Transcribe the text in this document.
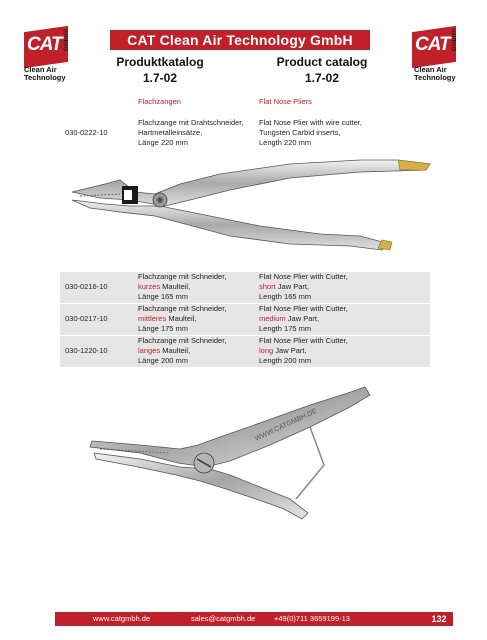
CAT GmbH®
Clean Air
Technology
CAT GmbH®
Clean Air
Technology
CAT Clean Air Technology GmbH
Produktkatalog	Product catalog
1.7-02	1.7-02
Flachzangen	Flat Nose Pliers
030-0222-10
Flachzange mit Drahtschneider,
Hartmetalleinsätze,
Länge 220 mm
Flat Nose Plier with wire cutter,
Tungsten Carbid inserts,
Length 220 mm
030-0216-10
Flachzange mit Schneider,
kurzes Maulteil,
Länge 165 mm
Flat Nose Plier with Cutter,
short Jaw Part,
Length 165 mm
030-0217-10
Flachzange mit Schneider,
mittleres Maulteil,
Länge 175 mm
Flat Nose Plier with Cutter,
medium Jaw Part,
Length 175 mm
030-1220-10
Flachzange mit Schneider,
langes Maulteil,
Länge 200 mm
Flat Nose Plier with Cutter,
long Jaw Part,
Length 200 mm
WWW.CATGMBH.DE
www.catgmbh.de	sales@catgmbh.de +49(0)711 3659199-13	132
